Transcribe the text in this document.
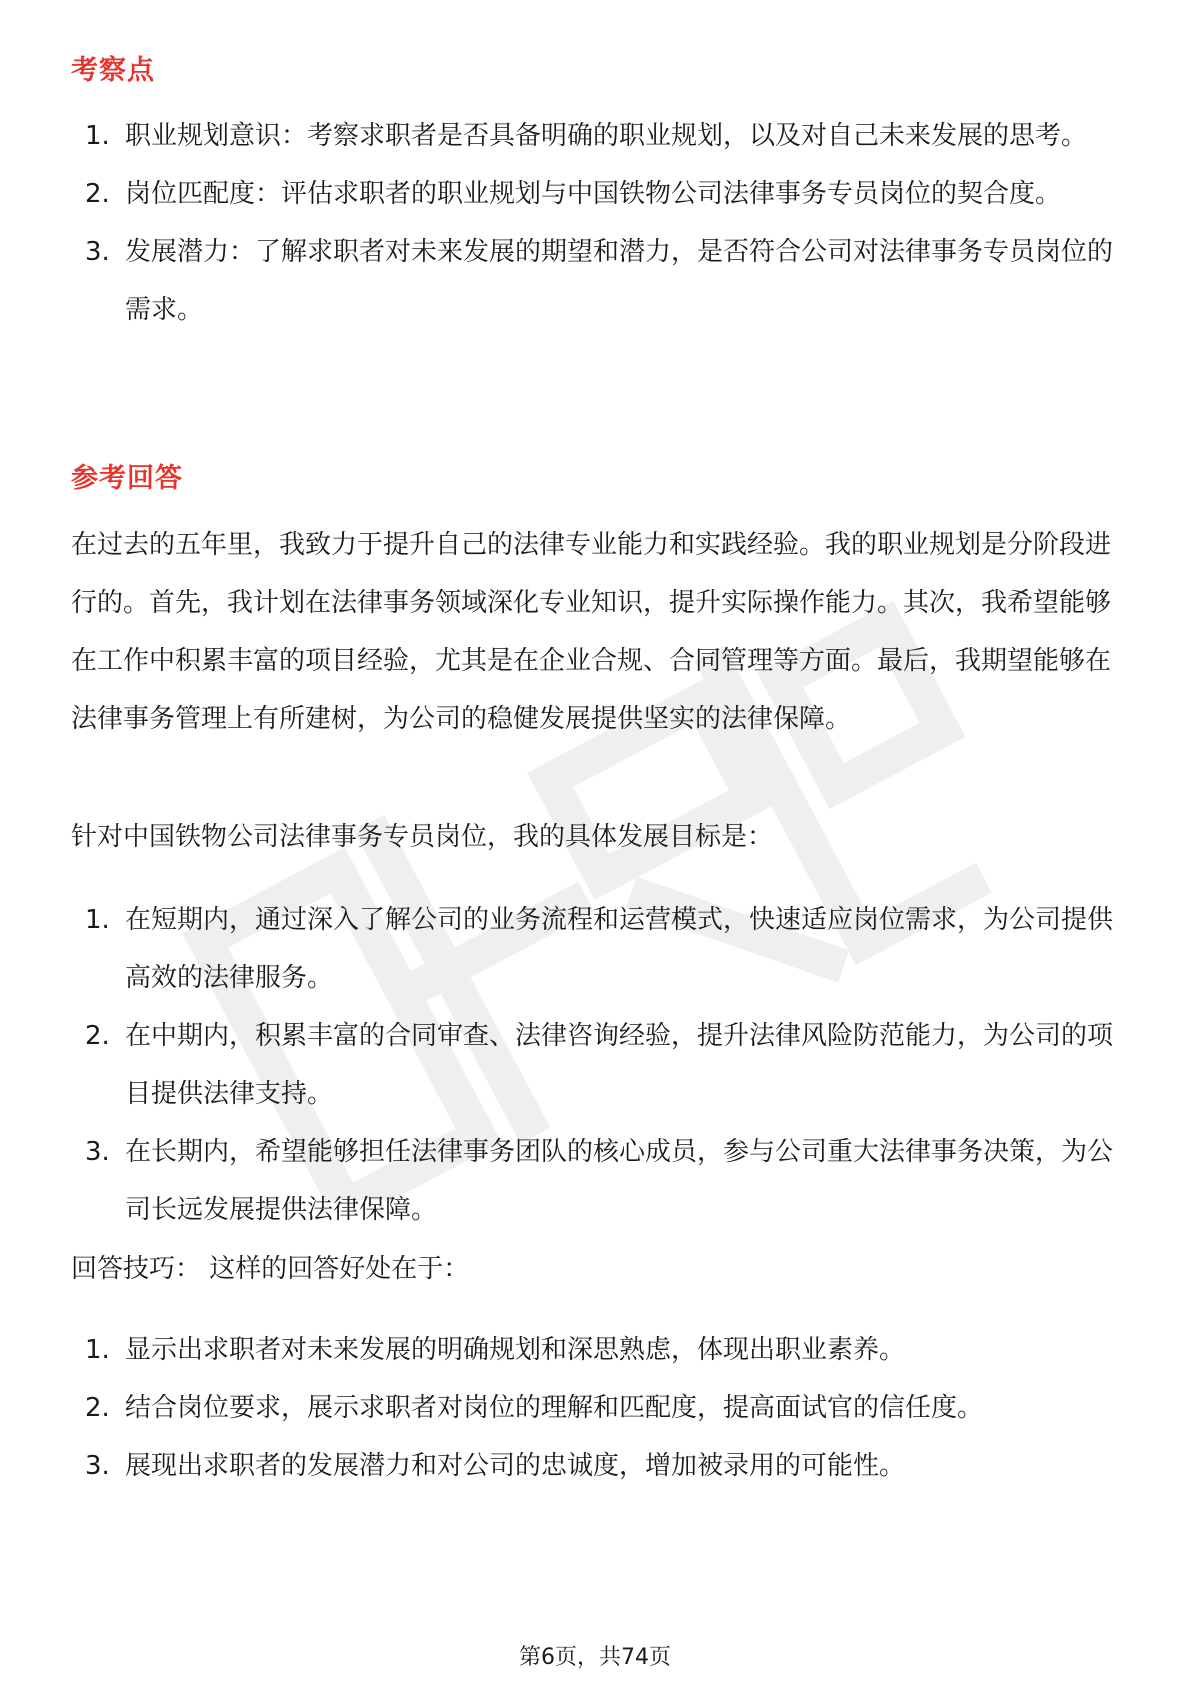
考察点
1. 职业规划意识：考察求职者是否具备明确的职业规划，以及对自己未来发展的思考。
2. 岗位匹配度：评估求职者的职业规划与中国铁物公司法律事务专员岗位的契合度。
3. 发展潜力：了解求职者对未来发展的期望和潜力，是否符合公司对法律事务专员岗位的需求。
参考回答

在过去的五年里，我致力于提升自己的法律专业能力和实践经验。我的职业规划是分阶段进行的。首先，我计划在法律事务领域深化专业知识，提升实际操作能力。其次，我希望能够在工作中积累丰富的项目经验，尤其是在企业合规、合同管理等方面。最后，我期望能够在法律事务管理上有所建树，为公司的稳健发展提供坚实的法律保障。

针对中国铁物公司法律事务专员岗位，我的具体发展目标是：

1. 在短期内，通过深入了解公司的业务流程和运营模式，快速适应岗位需求，为公司提供高效的法律服务。
2. 在中期内，积累丰富的合同审查、法律咨询经验，提升法律风险防范能力，为公司的项目提供法律支持。
3. 在长期内，希望能够担任法律事务团队的核心成员，参与公司重大法律事务决策，为公司长远发展提供法律保障。

回答技巧： 这样的回答好处在于：

1. 显示出求职者对未来发展的明确规划和深思熟虑，体现出职业素养。
2. 结合岗位要求，展示求职者对岗位的理解和匹配度，提高面试官的信任度。
3. 展现出求职者的发展潜力和对公司的忠诚度，增加被录用的可能性。
第6页，共74页
